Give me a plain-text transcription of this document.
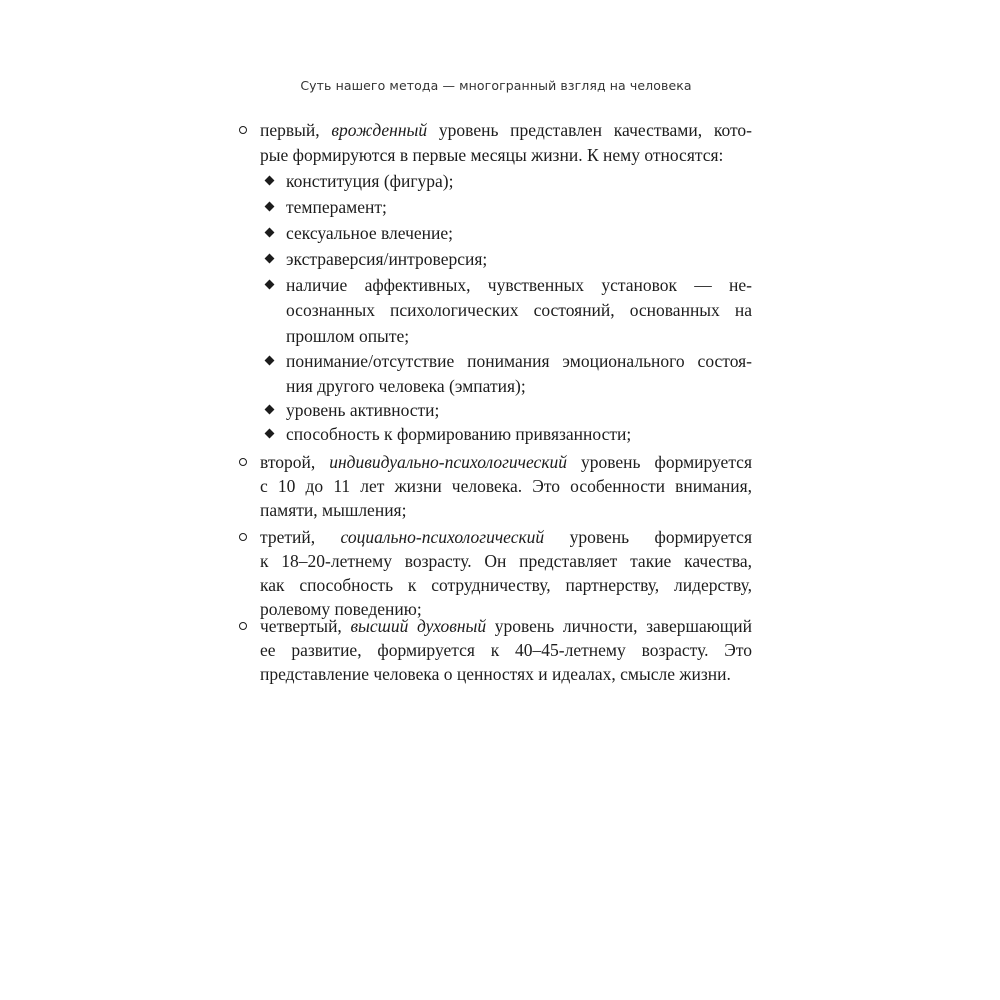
Суть нашего метода — многогранный взгляд на человека
первый, врожденный уровень представлен качествами, кото-
рые формируются в первые месяцы жизни. К нему относятся:
конституция (фигура);
темперамент;
сексуальное влечение;
экстраверсия/интроверсия;
наличие аффективных, чувственных установок — не-
осознанных психологических состояний, основанных на
прошлом опыте;
понимание/отсутствие понимания эмоционального состоя-
ния другого человека (эмпатия);
уровень активности;
способность к формированию привязанности;
второй, индивидуально-психологический уровень формируется
с 10 до 11 лет жизни человека. Это особенности внимания,
памяти, мышления;
третий, социально-психологический уровень формируется
к 18–20-летнему возрасту. Он представляет такие качества,
как способность к сотрудничеству, партнерству, лидерству,
ролевому поведению;
четвертый, высший духовный уровень личности, завершающий
ее развитие, формируется к 40–45-летнему возрасту. Это
представление человека о ценностях и идеалах, смысле жизни.
